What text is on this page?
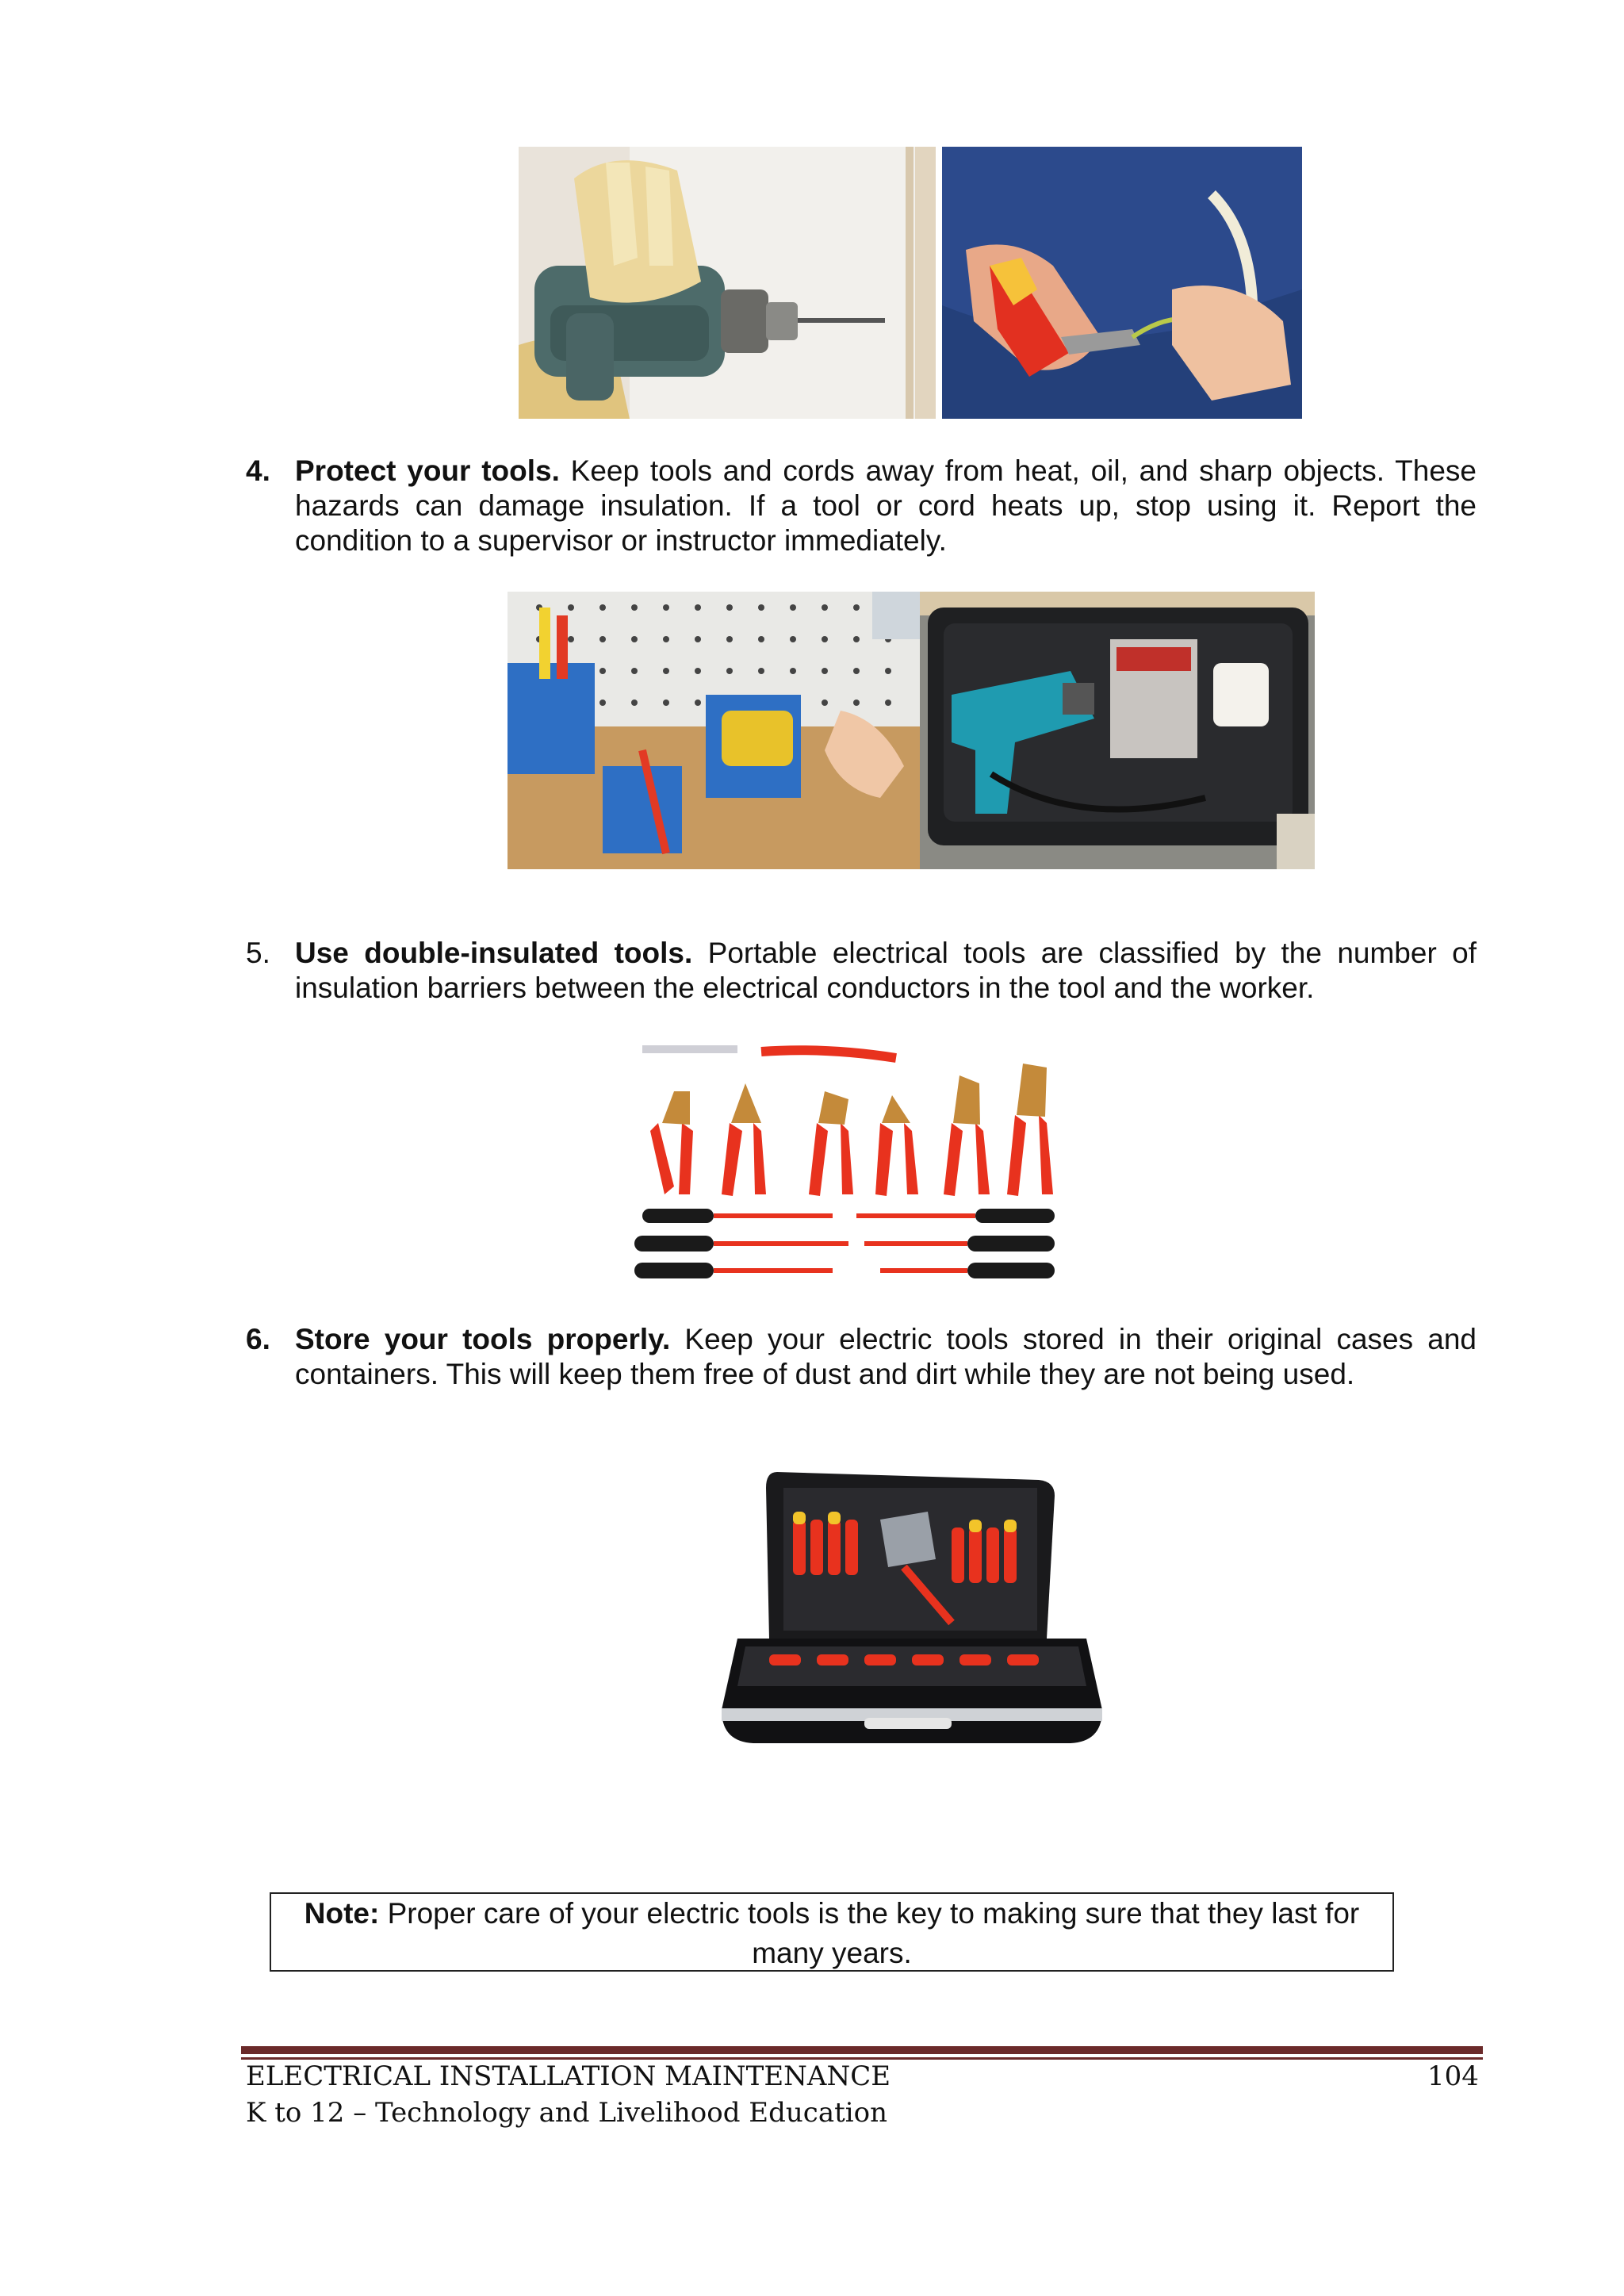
4. Protect your tools. Keep tools and cords away from heat, oil, and sharp objects. These hazards can damage insulation. If a tool or cord heats up, stop using it. Report the condition to a supervisor or instructor immediately.
5. Use double-insulated tools. Portable electrical tools are classified by the number of insulation barriers between the electrical conductors in the tool and the worker.
6. Store your tools properly. Keep your electric tools stored in their original cases and containers. This will keep them free of dust and dirt while they are not being used.
Note: Proper care of your electric tools is the key to making sure that they last for many years.
ELECTRICAL INSTALLATION MAINTENANCE	104
K to 12 – Technology and Livelihood Education
